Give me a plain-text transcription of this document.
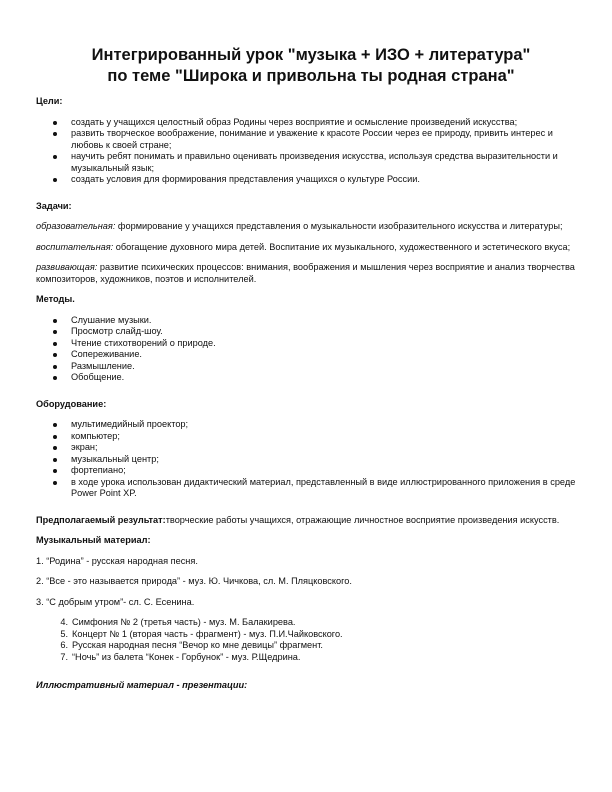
Интегрированный урок "музыка + ИЗО + литература"
по теме "Широка и привольна ты родная страна"

Цели:

создать у учащихся целостный образ Родины через восприятие и осмысление произведений искусства;
развить творческое воображение, понимание и уважение к красоте России через ее природу, привить интерес и любовь к своей стране;
научить ребят понимать и правильно оценивать произведения искусства, используя средства выразительности и музыкальный язык;
создать условия для формирования представления учащихся о культуре России.

Задачи:

образовательная: формирование у учащихся представления о музыкальности изобразительного искусства и литературы;

воспитательная: обогащение духовного мира детей. Воспитание их музыкального, художественного и эстетического вкуса;

развивающая: развитие психических процессов: внимания, воображения и мышления через восприятие и анализ творчества композиторов, художников, поэтов и исполнителей.

Методы.

Слушание музыки.
Просмотр слайд-шоу.
Чтение стихотворений о природе.
Сопереживание.
Размышление.
Обобщение.

Оборудование:

мультимедийный проектор;
компьютер;
экран;
музыкальный центр;
фортепиано;
в ходе урока использован дидактический материал, представленный в виде иллюстрированного приложения в среде Power Point XP.

Предполагаемый результат:творческие работы учащихся, отражающие личностное восприятие произведения искусств.

Музыкальный материал:

1. “Родина” - русская народная песня.

2. “Все - это называется природа” - муз. Ю. Чичкова, сл. М. Пляцковского.

3. “С добрым утром”- сл. С. Есенина.

4. Симфония № 2 (третья часть) - муз. М. Балакирева.
5. Концерт № 1 (вторая часть - фрагмент) - муз. П.И.Чайковского.
6. Русская народная песня “Вечор ко мне девицы” фрагмент.
7. “Ночь” из балета “Конек - Горбунок” - муз. Р.Щедрина.

Иллюстративный материал - презентации:
